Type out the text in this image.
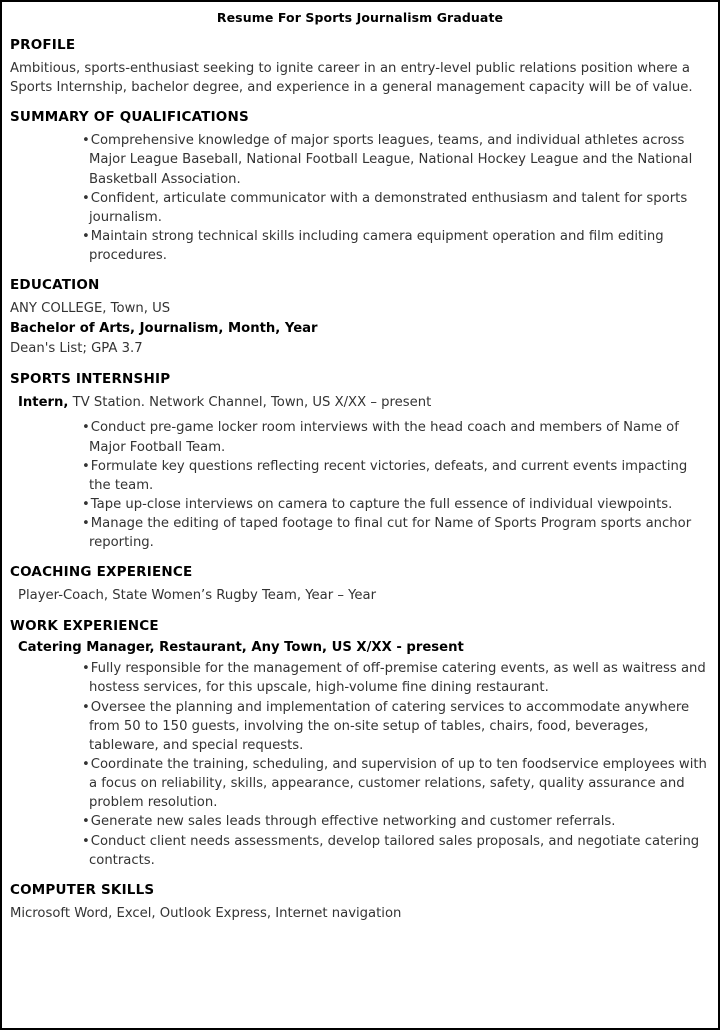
Resume For Sports Journalism Graduate
PROFILE

Ambitious, sports-enthusiast seeking to ignite career in an entry-level public relations position where a Sports Internship, bachelor degree, and experience in a general management capacity will be of value.

SUMMARY OF QUALIFICATIONS
• Comprehensive knowledge of major sports leagues, teams, and individual athletes across Major League Baseball, National Football League, National Hockey League and the National Basketball Association.
• Confident, articulate communicator with a demonstrated enthusiasm and talent for sports journalism.
• Maintain strong technical skills including camera equipment operation and film editing procedures.
EDUCATION

ANY COLLEGE, Town, US

Bachelor of Arts, Journalism, Month, Year

Dean's List; GPA 3.7

SPORTS INTERNSHIP

Intern, TV Station. Network Channel, Town, US X/XX – present

• Conduct pre-game locker room interviews with the head coach and members of Name of Major Football Team.
• Formulate key questions reflecting recent victories, defeats, and current events impacting the team.
• Tape up-close interviews on camera to capture the full essence of individual viewpoints.
• Manage the editing of taped footage to final cut for Name of Sports Program sports anchor reporting.
COACHING EXPERIENCE

Player-Coach, State Women’s Rugby Team, Year – Year

WORK EXPERIENCE
Catering Manager, Restaurant, Any Town, US X/XX - present
• Fully responsible for the management of off-premise catering events, as well as waitress and hostess services, for this upscale, high-volume fine dining restaurant.
• Oversee the planning and implementation of catering services to accommodate anywhere from 50 to 150 guests, involving the on-site setup of tables, chairs, food, beverages, tableware, and special requests.
• Coordinate the training, scheduling, and supervision of up to ten foodservice employees with a focus on reliability, skills, appearance, customer relations, safety, quality assurance and problem resolution.
• Generate new sales leads through effective networking and customer referrals.
• Conduct client needs assessments, develop tailored sales proposals, and negotiate catering contracts.
COMPUTER SKILLS

Microsoft Word, Excel, Outlook Express, Internet navigation
